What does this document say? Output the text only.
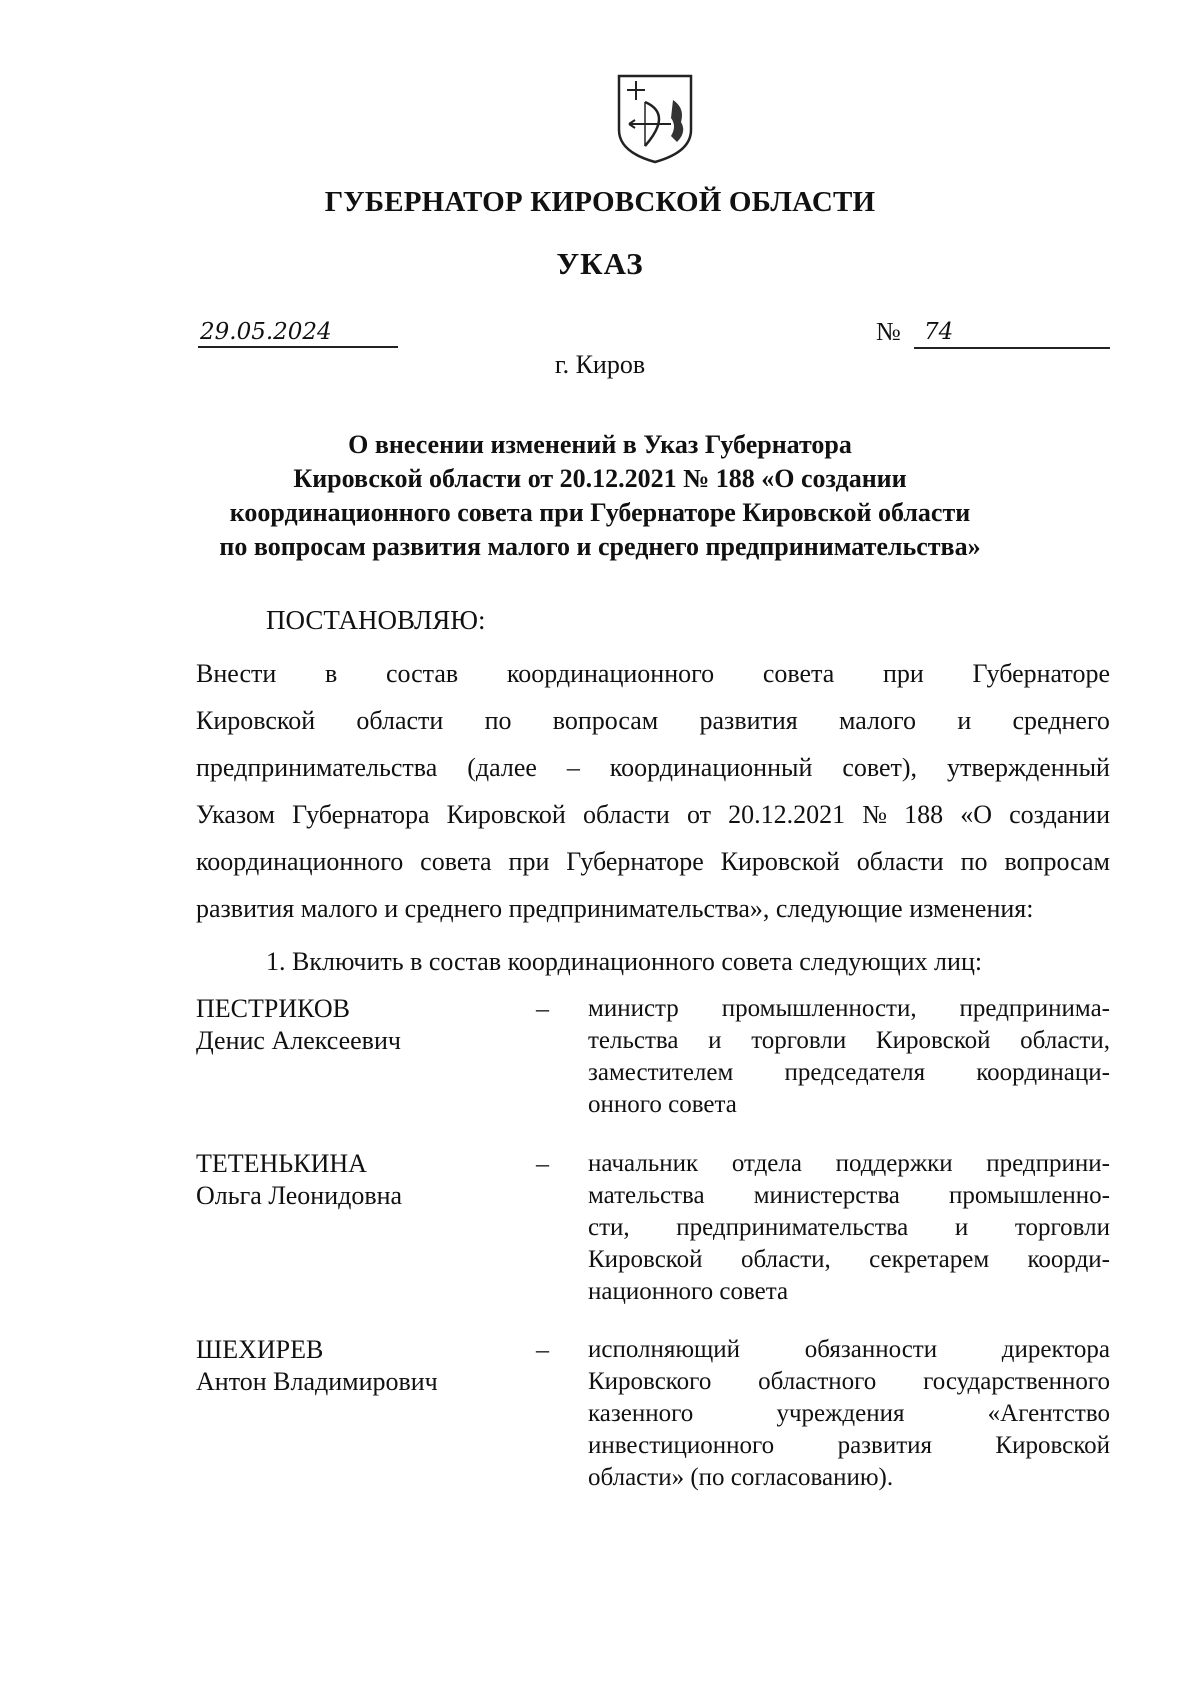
ГУБЕРНАТОР КИРОВСКОЙ ОБЛАСТИ
УКАЗ
29.05.2024	№ 74
г. Киров
О внесении изменений в Указ Губернатора
Кировской области от 20.12.2021 № 188 «О создании
координационного совета при Губернаторе Кировской области
по вопросам развития малого и среднего предпринимательства»
ПОСТАНОВЛЯЮ:
Внести в состав координационного совета при Губернаторе
Кировской области по вопросам развития малого и среднего
предпринимательства (далее – координационный совет), утвержденный
Указом Губернатора Кировской области от 20.12.2021 № 188 «О создании
координационного совета при Губернаторе Кировской области по вопросам
развития малого и среднего предпринимательства», следующие изменения:
1. Включить в состав координационного совета следующих лиц:
ПЕСТРИКОВ
Денис Алексеевич
– министр промышленности, предпринима-
тельства и торговли Кировской области,
заместителем председателя координаци-
онного совета
ТЕТЕНЬКИНА
Ольга Леонидовна
– начальник отдела поддержки предприни-
мательства министерства промышленно-
сти, предпринимательства и торговли
Кировской области, секретарем коорди-
национного совета
ШЕХИРЕВ
Антон Владимирович
– исполняющий	обязанности	директора
Кировского областного государственного
казенного	учреждения	«Агентство
инвестиционного	развития	Кировской
области» (по согласованию).
